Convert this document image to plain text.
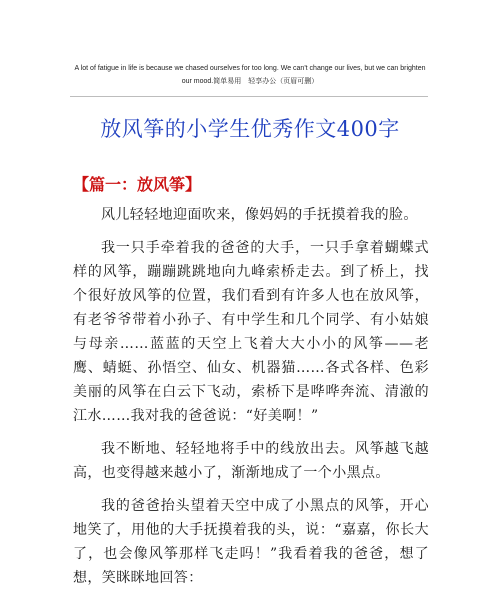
A lot of fatigue in life is because we chased ourselves for too long. We can't change our lives, but we can brighten
our mood.简单易用　轻享办公（页眉可删）
放风筝的小学生优秀作文400字
【篇一：放风筝】

风儿轻轻地迎面吹来，像妈妈的手抚摸着我的脸。

我一只手牵着我的爸爸的大手，一只手拿着蝴蝶式样的风筝，蹦蹦跳跳地向九峰索桥走去。到了桥上，找个很好放风筝的位置，我们看到有许多人也在放风筝，有老爷爷带着小孙子、有中学生和几个同学、有小姑娘与母亲……蓝蓝的天空上飞着大大小小的风筝——老鹰、蜻蜓、孙悟空、仙女、机器猫……各式各样、色彩美丽的风筝在白云下飞动，索桥下是哗哗奔流、清澈的江水……我对我的爸爸说：“好美啊！”

我不断地、轻轻地将手中的线放出去。风筝越飞越高，也变得越来越小了，渐渐地成了一个小黑点。

我的爸爸抬头望着天空中成了小黑点的风筝，开心地笑了，用他的大手抚摸着我的头，说：“嘉嘉，你长大了，也会像风筝那样飞走吗！”我看着我的爸爸，想了想，笑眯眯地回答：
